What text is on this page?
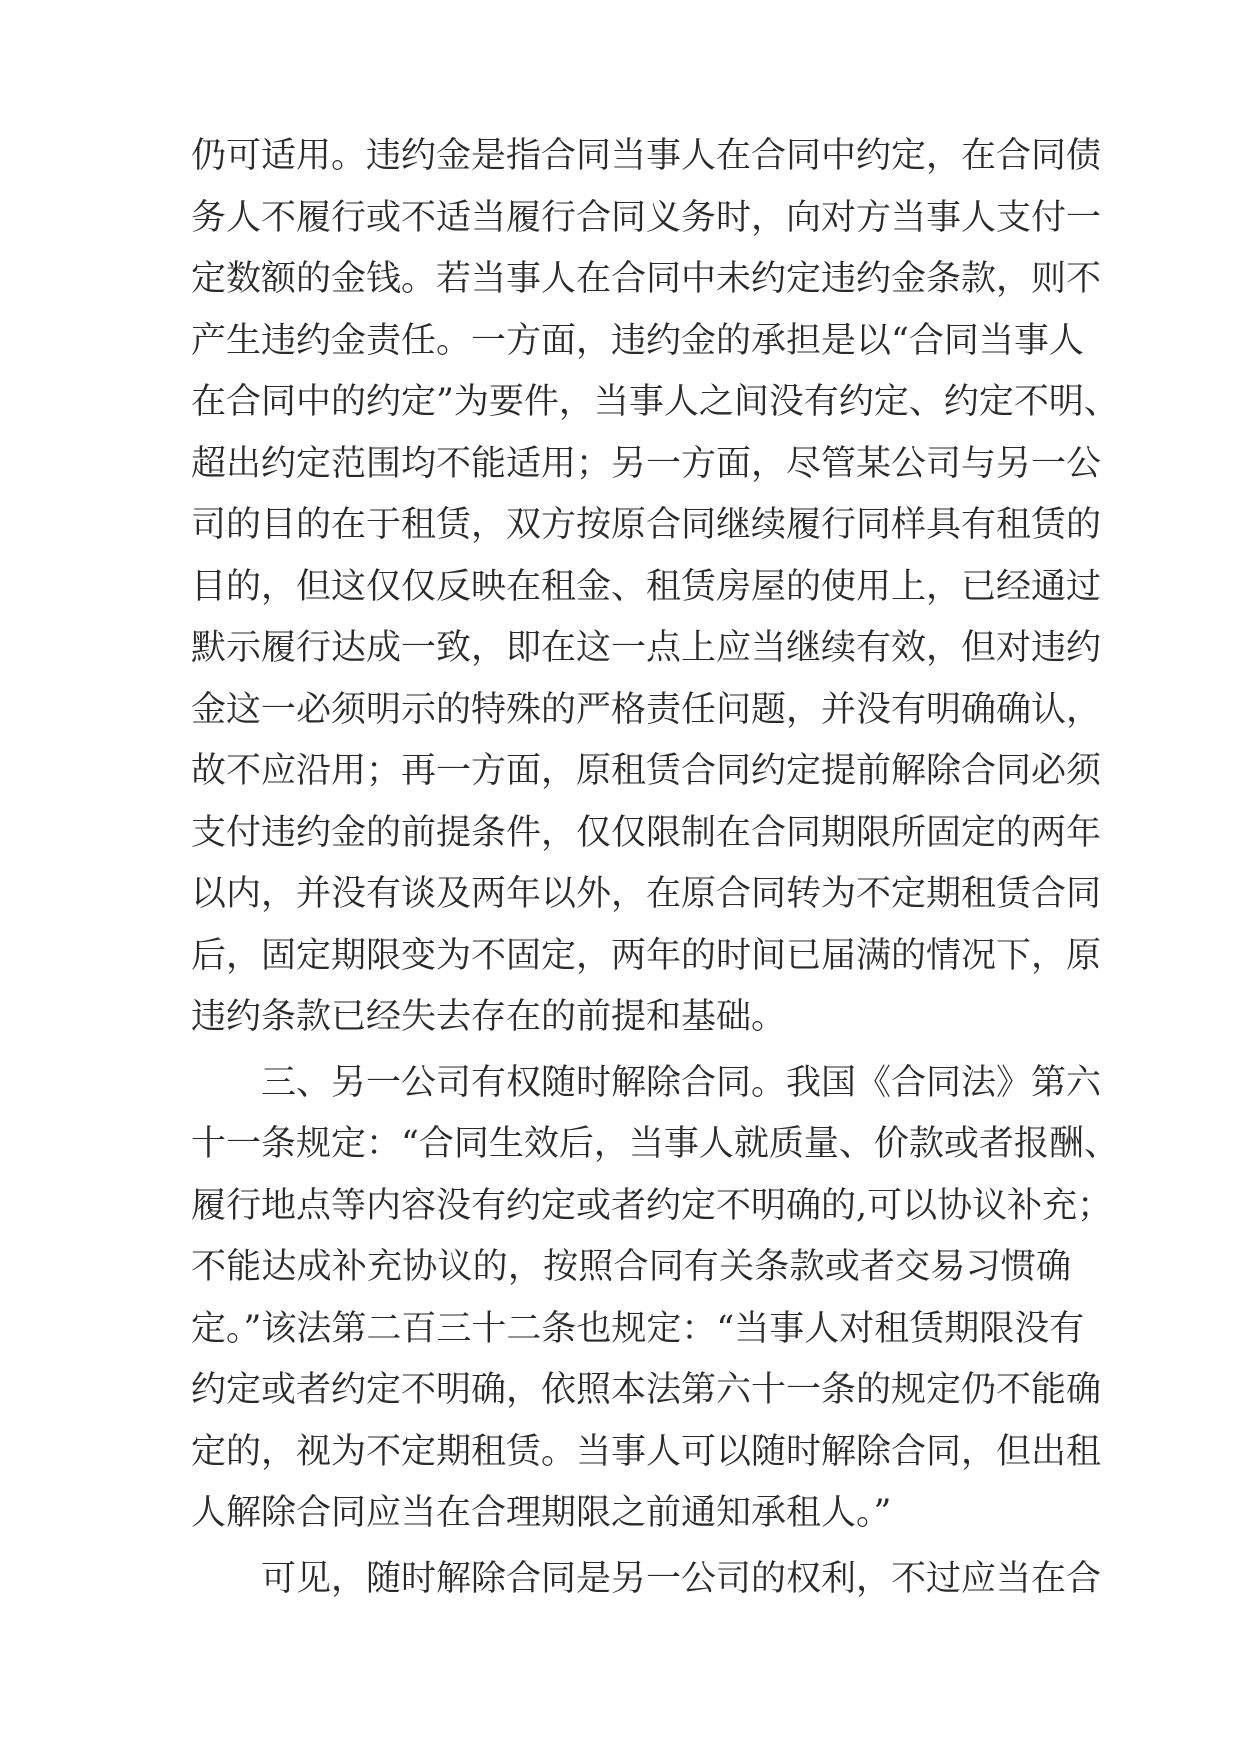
仍可适用。违约金是指合同当事人在合同中约定，在合同债
务人不履行或不适当履行合同义务时，向对方当事人支付一
定数额的金钱。若当事人在合同中未约定违约金条款，则不
产生违约金责任。一方面，违约金的承担是以“合同当事人
在合同中的约定”为要件，当事人之间没有约定、约定不明、
超出约定范围均不能适用；另一方面，尽管某公司与另一公
司的目的在于租赁，双方按原合同继续履行同样具有租赁的
目的，但这仅仅反映在租金、租赁房屋的使用上，已经通过
默示履行达成一致，即在这一点上应当继续有效，但对违约
金这一必须明示的特殊的严格责任问题，并没有明确确认，
故不应沿用；再一方面，原租赁合同约定提前解除合同必须
支付违约金的前提条件，仅仅限制在合同期限所固定的两年
以内，并没有谈及两年以外，在原合同转为不定期租赁合同
后，固定期限变为不固定，两年的时间已届满的情况下，原
违约条款已经失去存在的前提和基础。
　　三、另一公司有权随时解除合同。我国《合同法》第六
十一条规定：“合同生效后，当事人就质量、价款或者报酬、
履行地点等内容没有约定或者约定不明确的,可以协议补充；
不能达成补充协议的，按照合同有关条款或者交易习惯确
定。”该法第二百三十二条也规定：“当事人对租赁期限没有
约定或者约定不明确，依照本法第六十一条的规定仍不能确
定的，视为不定期租赁。当事人可以随时解除合同，但出租
人解除合同应当在合理期限之前通知承租人。”
　　可见，随时解除合同是另一公司的权利，不过应当在合
